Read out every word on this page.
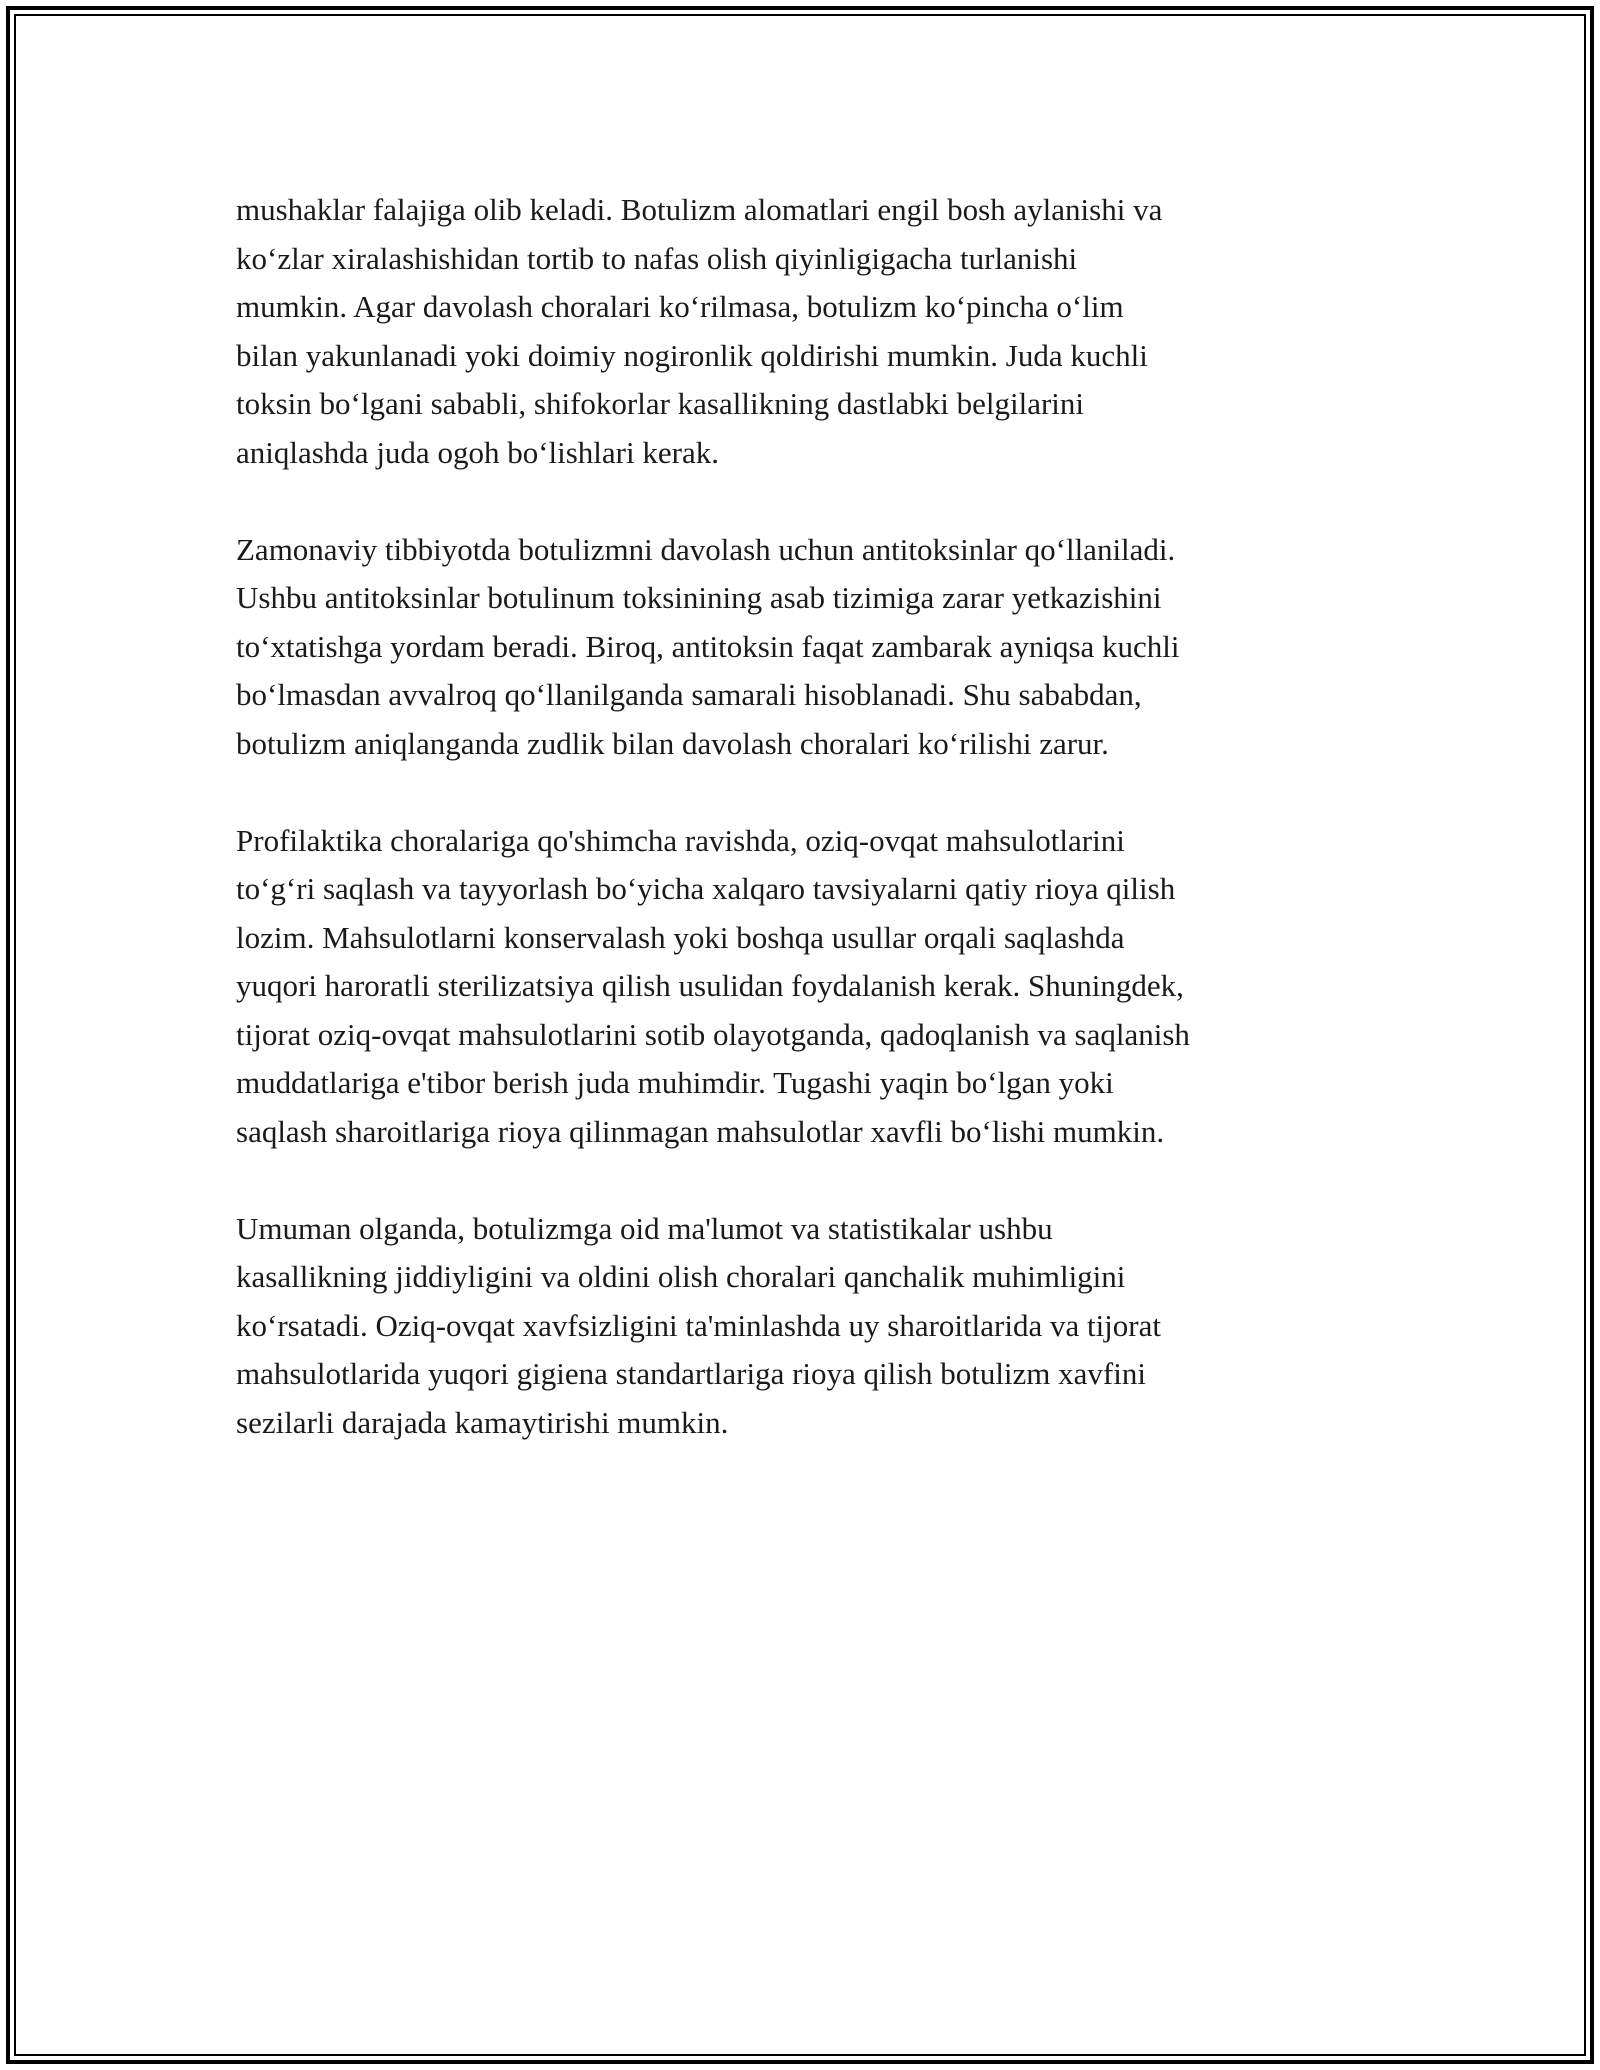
mushaklar falajiga olib keladi. Botulizm alomatlari engil bosh aylanishi va
ko‘zlar xiralashishidan tortib to nafas olish qiyinligigacha turlanishi
mumkin. Agar davolash choralari ko‘rilmasa, botulizm ko‘pincha o‘lim
bilan yakunlanadi yoki doimiy nogironlik qoldirishi mumkin. Juda kuchli
toksin bo‘lgani sababli, shifokorlar kasallikning dastlabki belgilarini
aniqlashda juda ogoh bo‘lishlari kerak.

Zamonaviy tibbiyotda botulizmni davolash uchun antitoksinlar qo‘llaniladi.
Ushbu antitoksinlar botulinum toksinining asab tizimiga zarar yetkazishini
to‘xtatishga yordam beradi. Biroq, antitoksin faqat zambarak ayniqsa kuchli
bo‘lmasdan avvalroq qo‘llanilganda samarali hisoblanadi. Shu sababdan,
botulizm aniqlanganda zudlik bilan davolash choralari ko‘rilishi zarur.

Profilaktika choralariga qo'shimcha ravishda, oziq-ovqat mahsulotlarini
to‘g‘ri saqlash va tayyorlash bo‘yicha xalqaro tavsiyalarni qatiy rioya qilish
lozim. Mahsulotlarni konservalash yoki boshqa usullar orqali saqlashda
yuqori haroratli sterilizatsiya qilish usulidan foydalanish kerak. Shuningdek,
tijorat oziq-ovqat mahsulotlarini sotib olayotganda, qadoqlanish va saqlanish
muddatlariga e'tibor berish juda muhimdir. Tugashi yaqin bo‘lgan yoki
saqlash sharoitlariga rioya qilinmagan mahsulotlar xavfli bo‘lishi mumkin.

Umuman olganda, botulizmga oid ma'lumot va statistikalar ushbu
kasallikning jiddiyligini va oldini olish choralari qanchalik muhimligini
ko‘rsatadi. Oziq-ovqat xavfsizligini ta'minlashda uy sharoitlarida va tijorat
mahsulotlarida yuqori gigiena standartlariga rioya qilish botulizm xavfini
sezilarli darajada kamaytirishi mumkin.
